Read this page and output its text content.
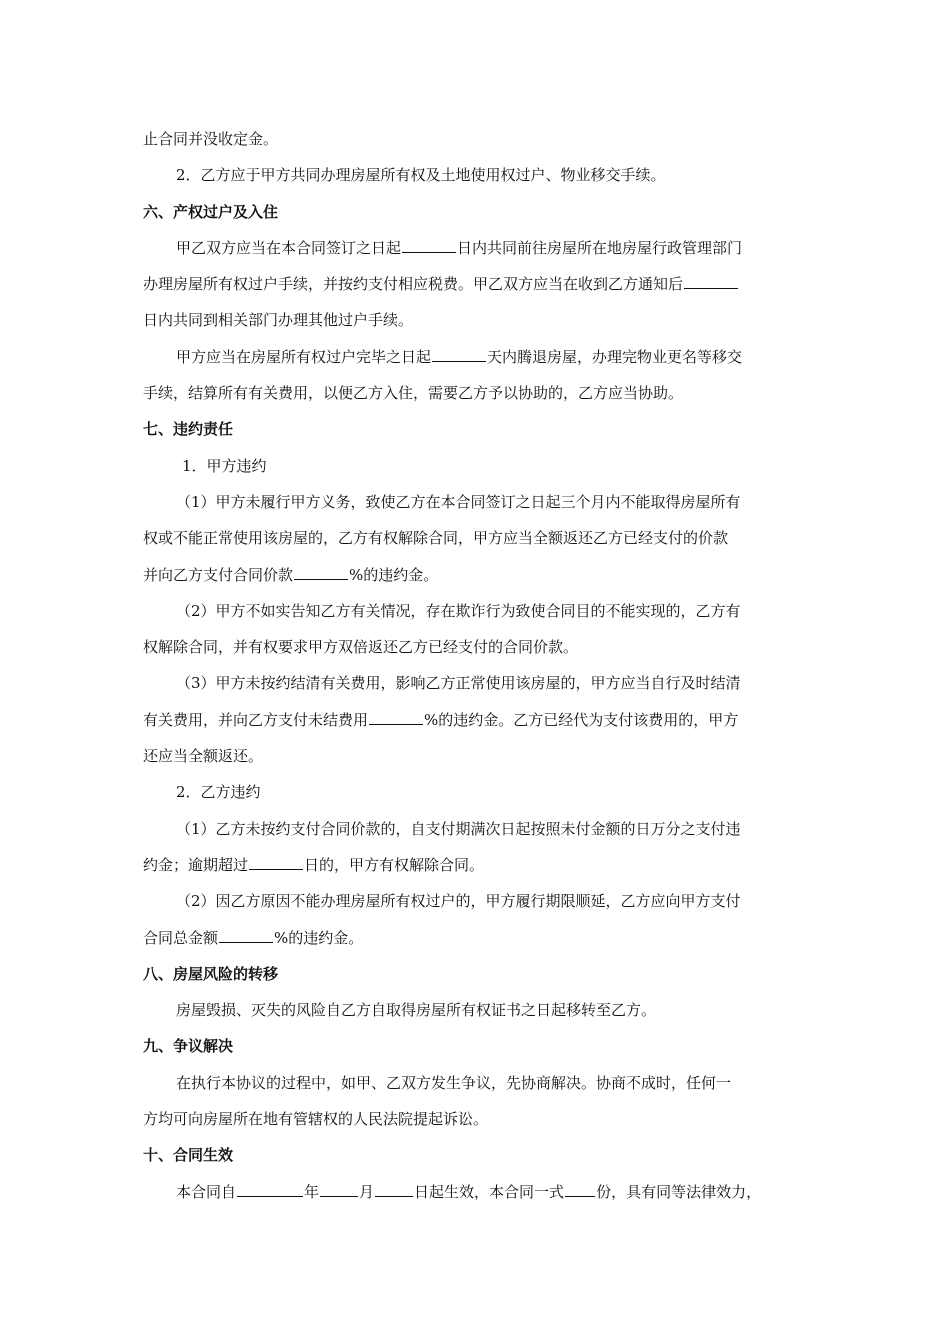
止合同并没收定金。
2．乙方应于甲方共同办理房屋所有权及土地使用权过户、物业移交手续。
六、产权过户及入住
甲乙双方应当在本合同签订之日起	日内共同前往房屋所在地房屋行政管理部门
办理房屋所有权过户手续，并按约支付相应税费。甲乙双方应当在收到乙方通知后
日内共同到相关部门办理其他过户手续。
甲方应当在房屋所有权过户完毕之日起	天内腾退房屋，办理完物业更名等移交
手续，结算所有有关费用，以便乙方入住，需要乙方予以协助的，乙方应当协助。
七、违约责任
1．甲方违约
（1）甲方未履行甲方义务，致使乙方在本合同签订之日起三个月内不能取得房屋所有
权或不能正常使用该房屋的，乙方有权解除合同，甲方应当全额返还乙方已经支付的价款
并向乙方支付合同价款	%的违约金。
（2）甲方不如实告知乙方有关情况，存在欺诈行为致使合同目的不能实现的，乙方有
权解除合同，并有权要求甲方双倍返还乙方已经支付的合同价款。
（3）甲方未按约结清有关费用，影响乙方正常使用该房屋的，甲方应当自行及时结清
有关费用，并向乙方支付未结费用	%的违约金。乙方已经代为支付该费用的，甲方
还应当全额返还。
2．乙方违约
（1）乙方未按约支付合同价款的，自支付期满次日起按照未付金额的日万分之支付违
约金；逾期超过	日的，甲方有权解除合同。
（2）因乙方原因不能办理房屋所有权过户的，甲方履行期限顺延，乙方应向甲方支付
合同总金额	%的违约金。
八、房屋风险的转移
房屋毁损、灭失的风险自乙方自取得房屋所有权证书之日起移转至乙方。
九、争议解决
在执行本协议的过程中，如甲、乙双方发生争议，先协商解决。协商不成时，任何一
方均可向房屋所在地有管辖权的人民法院提起诉讼。
十、合同生效
本合同自	年	月	日起生效，本合同一式 份，具有同等法律效力，
